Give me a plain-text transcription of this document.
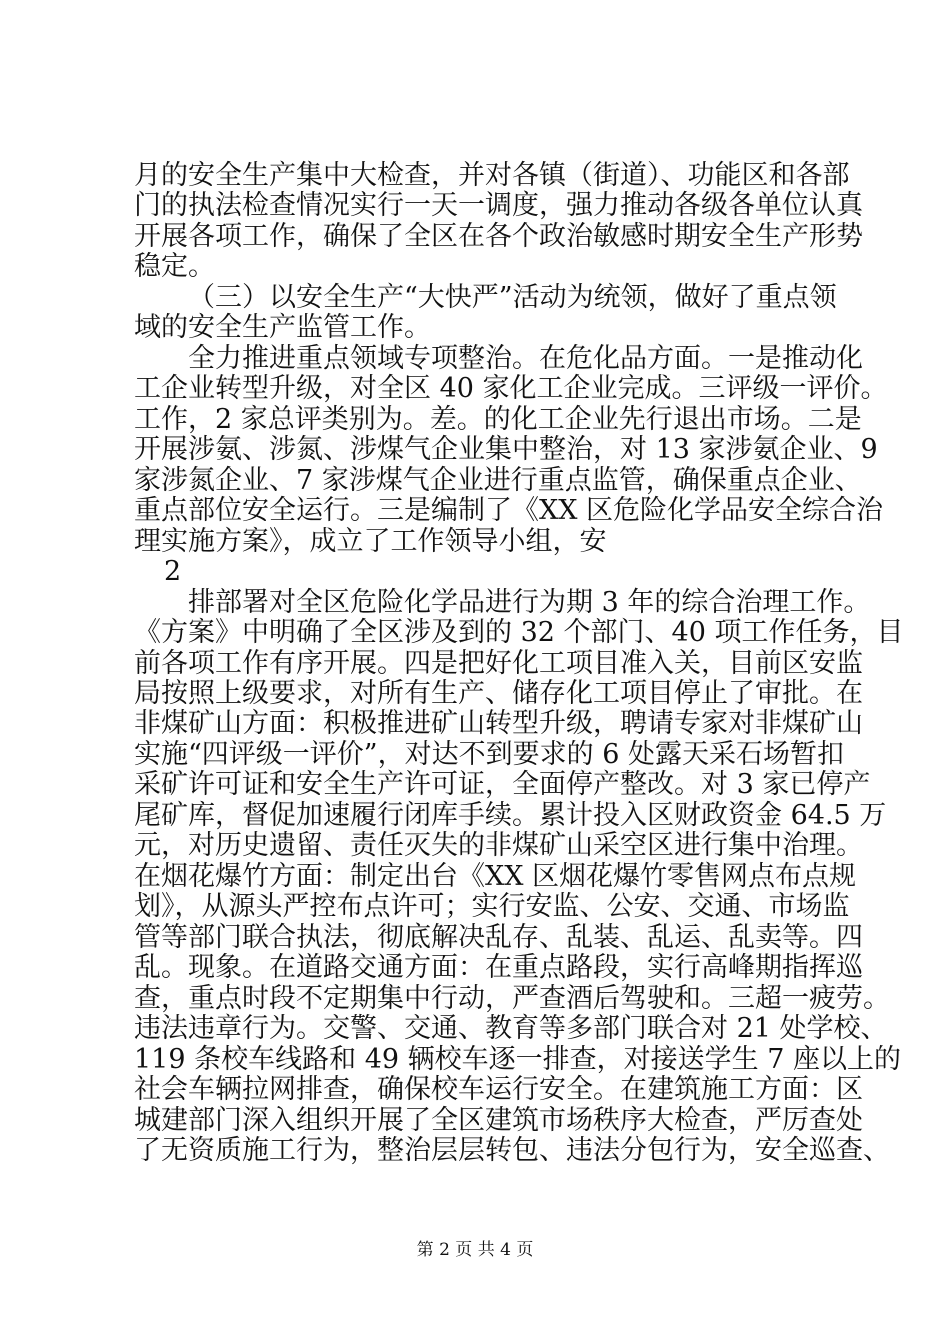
月的安全生产集中大检查，并对各镇（街道）、功能区和各部
门的执法检查情况实行一天一调度，强力推动各级各单位认真
开展各项工作，确保了全区在各个政治敏感时期安全生产形势
稳定。
（三）以安全生产“大快严”活动为统领，做好了重点领
域的安全生产监管工作。
全力推进重点领域专项整治。在危化品方面。一是推动化
工企业转型升级，对全区 40 家化工企业完成。三评级一评价。
工作，2 家总评类别为。差。的化工企业先行退出市场。二是
开展涉氨、涉氮、涉煤气企业集中整治，对 13 家涉氨企业、9
家涉氮企业、7 家涉煤气企业进行重点监管，确保重点企业、
重点部位安全运行。三是编制了《XX 区危险化学品安全综合治
理实施方案》，成立了工作领导小组，安
2
排部署对全区危险化学品进行为期 3 年的综合治理工作。
《方案》中明确了全区涉及到的 32 个部门、40 项工作任务，目
前各项工作有序开展。四是把好化工项目准入关，目前区安监
局按照上级要求，对所有生产、储存化工项目停止了审批。在
非煤矿山方面：积极推进矿山转型升级，聘请专家对非煤矿山
实施“四评级一评价”，对达不到要求的 6 处露天采石场暂扣
采矿许可证和安全生产许可证，全面停产整改。对 3 家已停产
尾矿库，督促加速履行闭库手续。累计投入区财政资金 64.5 万
元，对历史遗留、责任灭失的非煤矿山采空区进行集中治理。
在烟花爆竹方面：制定出台《XX 区烟花爆竹零售网点布点规
划》，从源头严控布点许可；实行安监、公安、交通、市场监
管等部门联合执法，彻底解决乱存、乱装、乱运、乱卖等。四
乱。现象。在道路交通方面：在重点路段，实行高峰期指挥巡
查，重点时段不定期集中行动，严查酒后驾驶和。三超一疲劳。
违法违章行为。交警、交通、教育等多部门联合对 21 处学校、
119 条校车线路和 49 辆校车逐一排查，对接送学生 7 座以上的
社会车辆拉网排查，确保校车运行安全。在建筑施工方面：区
城建部门深入组织开展了全区建筑市场秩序大检查，严厉查处
了无资质施工行为，整治层层转包、违法分包行为，安全巡查、
第 2 页 共 4 页
